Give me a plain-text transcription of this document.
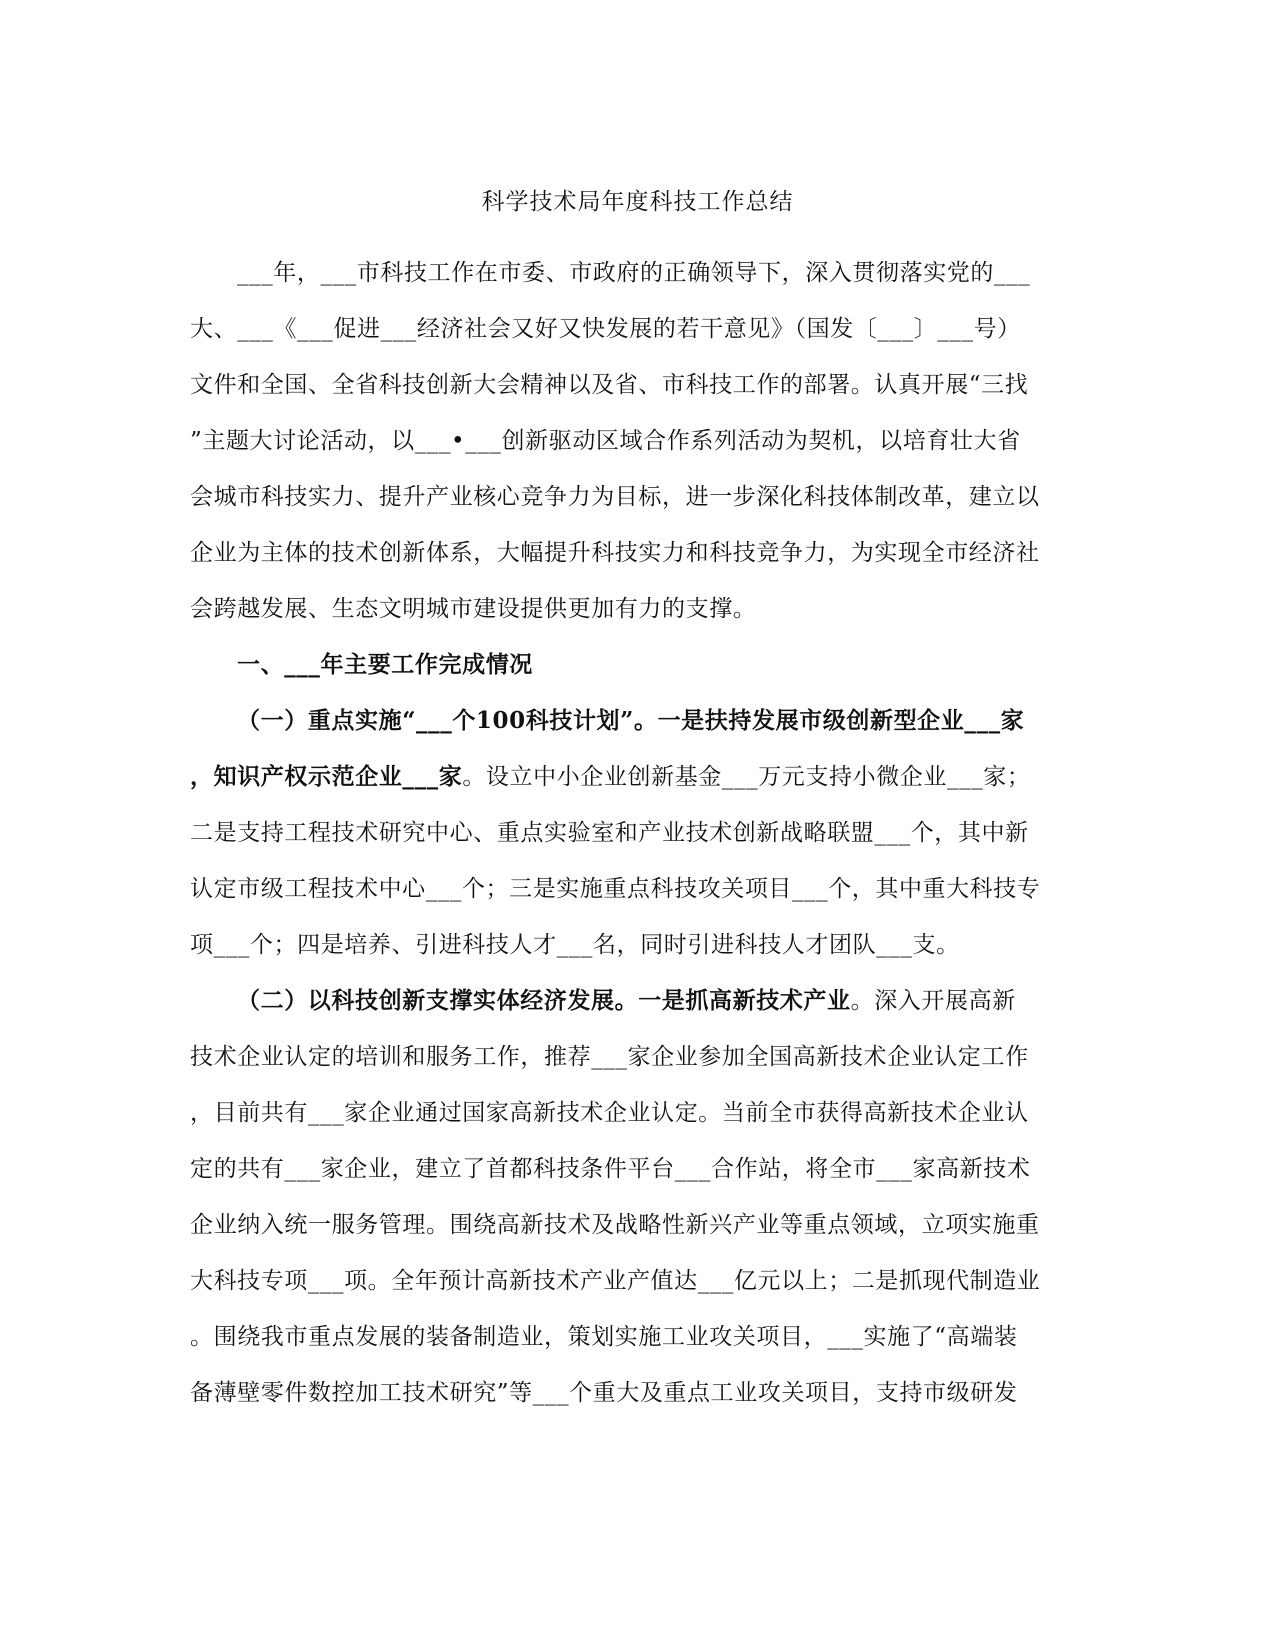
科学技术局年度科技工作总结
___年，___市科技工作在市委、市政府的正确领导下，深入贯彻落实党的___
大、___《___促进___经济社会又好又快发展的若干意见》（国发〔___〕___号）
文件和全国、全省科技创新大会精神以及省、市科技工作的部署。认真开展“三找
”主题大讨论活动，以___•___创新驱动区域合作系列活动为契机，以培育壮大省
会城市科技实力、提升产业核心竞争力为目标，进一步深化科技体制改革，建立以
企业为主体的技术创新体系，大幅提升科技实力和科技竞争力，为实现全市经济社
会跨越发展、生态文明城市建设提供更加有力的支撑。
一、___年主要工作完成情况
（一）重点实施“___个100科技计划”。一是扶持发展市级创新型企业___家
，知识产权示范企业___家。设立中小企业创新基金___万元支持小微企业___家；
二是支持工程技术研究中心、重点实验室和产业技术创新战略联盟___个，其中新
认定市级工程技术中心___个；三是实施重点科技攻关项目___个，其中重大科技专
项___个；四是培养、引进科技人才___名，同时引进科技人才团队___支。
（二）以科技创新支撑实体经济发展。一是抓高新技术产业。深入开展高新
技术企业认定的培训和服务工作，推荐___家企业参加全国高新技术企业认定工作
，目前共有___家企业通过国家高新技术企业认定。当前全市获得高新技术企业认
定的共有___家企业，建立了首都科技条件平台___合作站，将全市___家高新技术
企业纳入统一服务管理。围绕高新技术及战略性新兴产业等重点领域，立项实施重
大科技专项___项。全年预计高新技术产业产值达___亿元以上；二是抓现代制造业
。围绕我市重点发展的装备制造业，策划实施工业攻关项目，___实施了“高端装
备薄壁零件数控加工技术研究”等___个重大及重点工业攻关项目，支持市级研发
